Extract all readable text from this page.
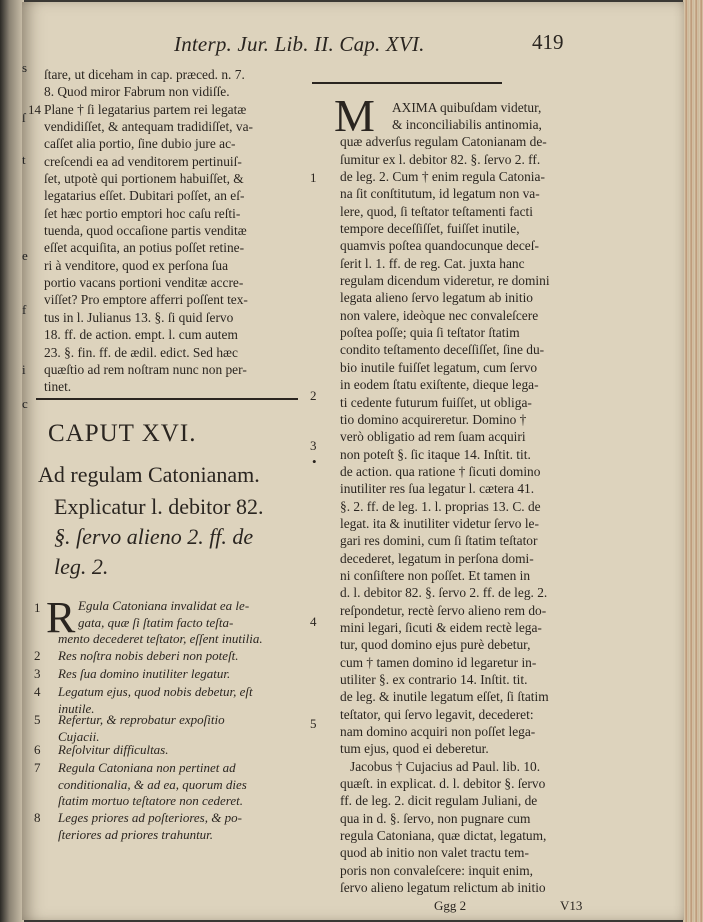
s
ſ
t
e
f
i
c
Interp. Jur. Lib. II. Cap. XVI.	419
14
ſtare, ut diceham in cap. præced. n. 7.
8. Quod miror Fabrum non vidiſſe.
Plane † ſi legatarius partem rei legatæ
vendidiſſet, & antequam tradidiſſet, va-
caſſet alia portio, ſine dubio jure ac-
creſcendi ea ad venditorem pertinuiſ-
ſet, utpotè qui portionem habuiſſet, &
legatarius eſſet. Dubitari poſſet, an eſ-
ſet hæc portio emptori hoc caſu reſti-
tuenda, quod occaſione partis venditæ
eſſet acquiſita, an potius poſſet retine-
ri à venditore, quod ex perſona ſua
portio vacans portioni venditæ accre-
viſſet? Pro emptore afferri poſſent tex-
tus in l. Julianus 13. §. ſi quid ſervo
18. ff. de action. empt. l. cum autem
23. §. fin. ff. de ædil. edict. Sed hæc
quæſtio ad rem noſtram nunc non per-
tinet.
CAPUT XVI.
Ad regulam Catonianam.
Explicatur l. debitor 82.
§. ſervo alieno 2. ff. de
leg. 2.
R
1	Egula Catoniana invalidat ea le-
gata, quæ ſi ſtatim facto teſta-
mento decederet teſtator, eſſent inutilia.
2 Res noſtra nobis deberi non poteſt.
3 Res ſua domino inutiliter legatur.
4 Legatum ejus, quod nobis debetur, eſt
inutile.
5 Refertur, & reprobatur expoſitio
Cujacii.
6 Reſolvitur difficultas.
7 Regula Catoniana non pertinet ad
conditionalia, & ad ea, quorum dies
ſtatim mortuo teſtatore non cederet.
8 Leges priores ad poſteriores, & po-
ſteriores ad priores trahuntur.
M AXIMA quibuſdam videtur,
1
2
3
•
4
5
& inconciliabilis antinomia,
quæ adverſus regulam Catonianam de-
ſumitur ex l. debitor 82. §. ſervo 2. ff.
de leg. 2. Cum † enim regula Catonia-
na ſit conſtitutum, id legatum non va-
lere, quod, ſi teſtator teſtamenti facti
tempore deceſſiſſet, fuiſſet inutile,
quamvis poſtea quandocunque deceſ-
ſerit l. 1. ff. de reg. Cat. juxta hanc
regulam dicendum videretur, re domini
legata alieno ſervo legatum ab initio
non valere, ideòque nec convaleſcere
poſtea poſſe; quia ſi teſtator ſtatim
condito teſtamento deceſſiſſet, ſine du-
bio inutile fuiſſet legatum, cum ſervo
in eodem ſtatu exiſtente, dieque lega-
ti cedente futurum fuiſſet, ut obliga-
tio domino acquireretur. Domino †
verò obligatio ad rem ſuam acquiri
non poteſt §. ſic itaque 14. Inſtit. tit.
de action. qua ratione † ſicuti domino
inutiliter res ſua legatur l. cætera 41.
§. 2. ff. de leg. 1. l. proprias 13. C. de
legat. ita & inutiliter videtur ſervo le-
gari res domini, cum ſi ſtatim teſtator
decederet, legatum in perſona domi-
ni conſiſtere non poſſet. Et tamen in
d. l. debitor 82. §. ſervo 2. ff. de leg. 2.
reſpondetur, rectè ſervo alieno rem do-
mini legari, ſicuti & eidem rectè lega-
tur, quod domino ejus purè debetur,
cum † tamen domino id legaretur in-
utiliter §. ex contrario 14. Inſtit. tit.
de leg. & inutile legatum eſſet, ſi ſtatim
teſtator, qui ſervo legavit, decederet:
nam domino acquiri non poſſet lega-
tum ejus, quod ei deberetur.
Jacobus † Cujacius ad Paul. lib. 10.
quæſt. in explicat. d. l. debitor §. ſervo
ff. de leg. 2. dicit regulam Juliani, de
qua in d. §. ſervo, non pugnare cum
regula Catoniana, quæ dictat, legatum,
quod ab initio non valet tractu tem-
poris non convaleſcere: inquit enim,
ſervo alieno legatum relictum ab initio
Ggg 2	V13
